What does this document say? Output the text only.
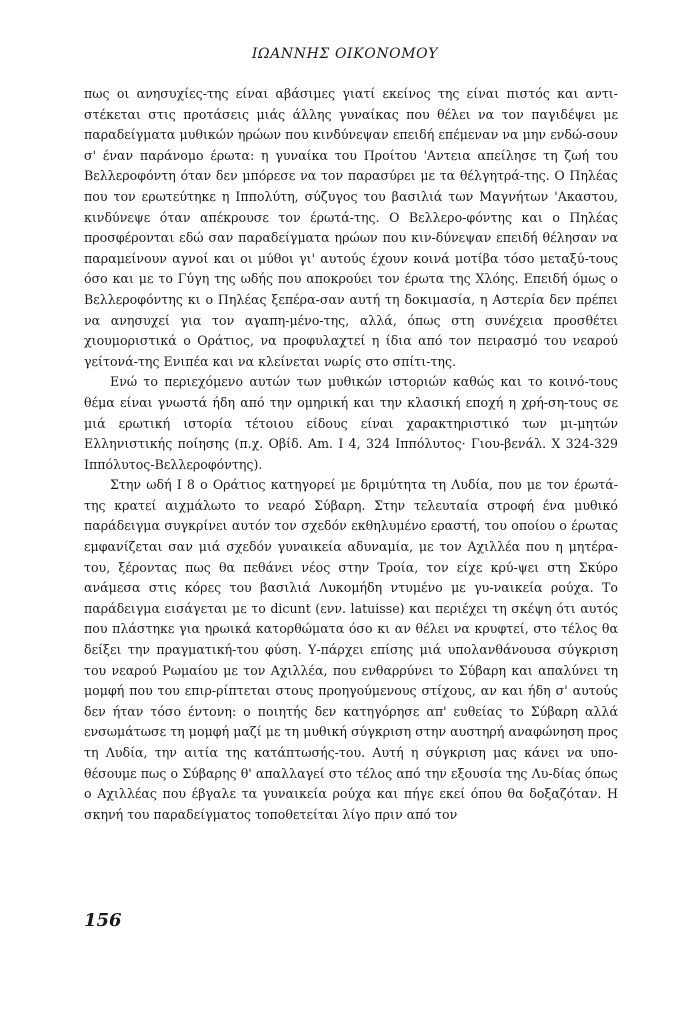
ΙΩΑΝΝΗΣ ΟΙΚΟΝΟΜΟΥ

πως οι ανησυχίες-της είναι αβάσιμες γιατί εκείνος της είναι πιστός και αντι-στέκεται στις προτάσεις μιάς άλλης γυναίκας που θέλει να τον παγιδέψει με παραδείγματα μυθικών ηρώων που κινδύνεψαν επειδή επέμεναν να μην ενδώ-σουν σ' έναν παράνομο έρωτα: η γυναίκα του Προίτου 'Αντεια απείλησε τη ζωή του Βελλεροφόντη όταν δεν μπόρεσε να τον παρασύρει με τα θέλγητρά-της. Ο Πηλέας που τον ερωτεύτηκε η Ιππολύτη, σύζυγος του βασιλιά των Μαγνήτων 'Ακαστου, κινδύνεψε όταν απέκρουσε τον έρωτά-της. Ο Βελλερο-φόντης και ο Πηλέας προσφέρονται εδώ σαν παραδείγματα ηρώων που κιν-δύνεψαν επειδή θέλησαν να παραμείνουν αγνοί και οι μύθοι γι' αυτούς έχουν κοινά μοτίβα τόσο μεταξύ-τους όσο και με το Γύγη της ωδής που αποκρούει τον έρωτα της Χλόης. Επειδή όμως ο Βελλεροφόντης κι ο Πηλέας ξεπέρα-σαν αυτή τη δοκιμασία, η Αστερία δεν πρέπει να ανησυχεί για τον αγαπη-μένο-της, αλλά, όπως στη συνέχεια προσθέτει χιουμοριστικά ο Οράτιος, να προφυλαχτεί η ίδια από τον πειρασμό του νεαρού γείτονά-της Ενιπέα και να κλείνεται νωρίς στο σπίτι-της.

Ενώ το περιεχόμενο αυτών των μυθικών ιστοριών καθώς και το κοινό-τους θέμα είναι γνωστά ήδη από την ομηρική και την κλασική εποχή η χρή-ση-τους σε μιά ερωτική ιστορία τέτοιου είδους είναι χαρακτηριστικό των μι-μητών Ελληνιστικής ποίησης (π.χ. Οβίδ. Am. I 4, 324 Ιππόλυτος· Γιου-βενάλ. X 324-329 Ιππόλυτος-Βελλεροφόντης).

Στην ωδή I 8 ο Οράτιος κατηγορεί με δριμύτητα τη Λυδία, που με τον έρωτά-της κρατεί αιχμάλωτο το νεαρό Σύβαρη. Στην τελευταία στροφή ένα μυθικό παράδειγμα συγκρίνει αυτόν τον σχεδόν εκθηλυμένο εραστή, του οποίου ο έρωτας εμφανίζεται σαν μιά σχεδόν γυναικεία αδυναμία, με τον Αχιλλέα που η μητέρα-του, ξέροντας πως θα πεθάνει νέος στην Τροία, τον είχε κρύ-ψει στη Σκύρο ανάμεσα στις κόρες του βασιλιά Λυκομήδη ντυμένο με γυ-ναικεία ρούχα. Το παράδειγμα εισάγεται με το dicunt (ενν. latuisse) και περιέχει τη σκέψη ότι αυτός που πλάστηκε για ηρωικά κατορθώματα όσο κι αν θέλει να κρυφτεί, στο τέλος θα δείξει την πραγματική-του φύση. Υ-πάρχει επίσης μιά υπολανθάνουσα σύγκριση του νεαρού Ρωμαίου με τον Αχιλλέα, που ενθαρρύνει το Σύβαρη και απαλύνει τη μομφή που του επιρ-ρίπτεται στους προηγούμενους στίχους, αν και ήδη σ' αυτούς δεν ήταν τόσο έντονη: ο ποιητής δεν κατηγόρησε απ' ευθείας το Σύβαρη αλλά ενσωμάτωσε τη μομφή μαζί με τη μυθική σύγκριση στην αυστηρή αναφώνηση προς τη Λυδία, την αιτία της κατάπτωσής-του. Αυτή η σύγκριση μας κάνει να υπο-θέσουμε πως ο Σύβαρης θ' απαλλαγεί στο τέλος από την εξουσία της Λυ-δίας όπως ο Αχιλλέας που έβγαλε τα γυναικεία ρούχα και πήγε εκεί όπου θα δοξαζόταν. Η σκηνή του παραδείγματος τοποθετείται λίγο πριν από τον

156
